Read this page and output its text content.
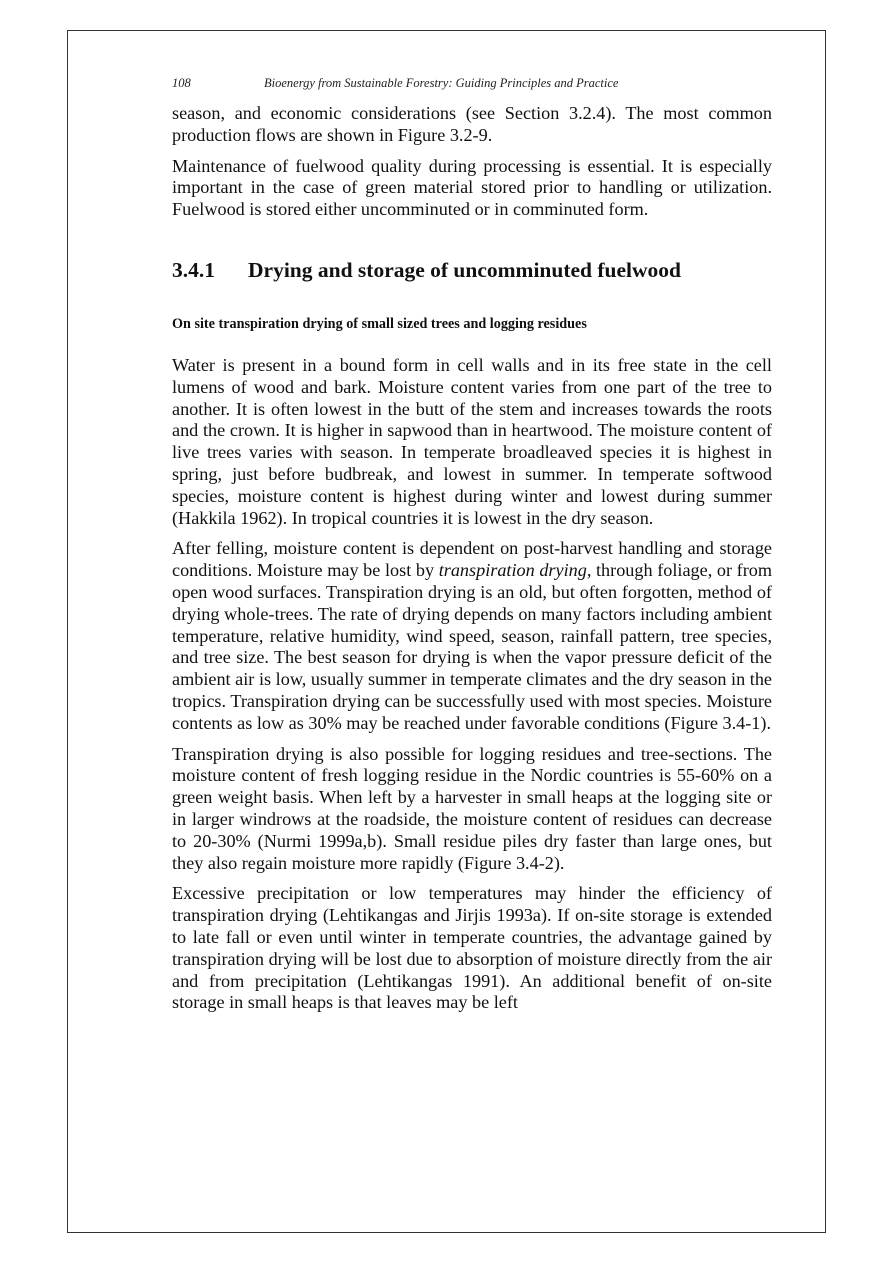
108	Bioenergy from Sustainable Forestry: Guiding Principles and Practice

season, and economic considerations (see Section 3.2.4). The most common production flows are shown in Figure 3.2-9.

Maintenance of fuelwood quality during processing is essential. It is especially important in the case of green material stored prior to handling or utilization. Fuelwood is stored either uncomminuted or in comminuted form.

3.4.1 Drying and storage of uncomminuted fuelwood
On site transpiration drying of small sized trees and logging residues

Water is present in a bound form in cell walls and in its free state in the cell lumens of wood and bark. Moisture content varies from one part of the tree to another. It is often lowest in the butt of the stem and increases towards the roots and the crown. It is higher in sapwood than in heartwood. The moisture content of live trees varies with season. In temperate broadleaved species it is highest in spring, just before budbreak, and lowest in summer. In temperate softwood species, moisture content is highest during winter and lowest during summer (Hakkila 1962). In tropical countries it is lowest in the dry season.

After felling, moisture content is dependent on post-harvest handling and storage conditions. Moisture may be lost by transpiration drying, through foliage, or from open wood surfaces. Transpiration drying is an old, but often forgotten, method of drying whole-trees. The rate of drying depends on many factors including ambient temperature, relative humidity, wind speed, season, rainfall pattern, tree species, and tree size. The best season for drying is when the vapor pressure deficit of the ambient air is low, usually summer in temperate climates and the dry season in the tropics. Transpiration drying can be successfully used with most species. Moisture contents as low as 30% may be reached under favorable conditions (Figure 3.4-1).

Transpiration drying is also possible for logging residues and tree-sections. The moisture content of fresh logging residue in the Nordic countries is 55-60% on a green weight basis. When left by a harvester in small heaps at the logging site or in larger windrows at the roadside, the moisture content of residues can decrease to 20-30% (Nurmi 1999a,b). Small residue piles dry faster than large ones, but they also regain moisture more rapidly (Figure 3.4-2).

Excessive precipitation or low temperatures may hinder the efficiency of transpiration drying (Lehtikangas and Jirjis 1993a). If on-site storage is extended to late fall or even until winter in temperate countries, the advantage gained by transpiration drying will be lost due to absorption of moisture directly from the air and from precipitation (Lehtikangas 1991). An additional benefit of on-site storage in small heaps is that leaves may be left
